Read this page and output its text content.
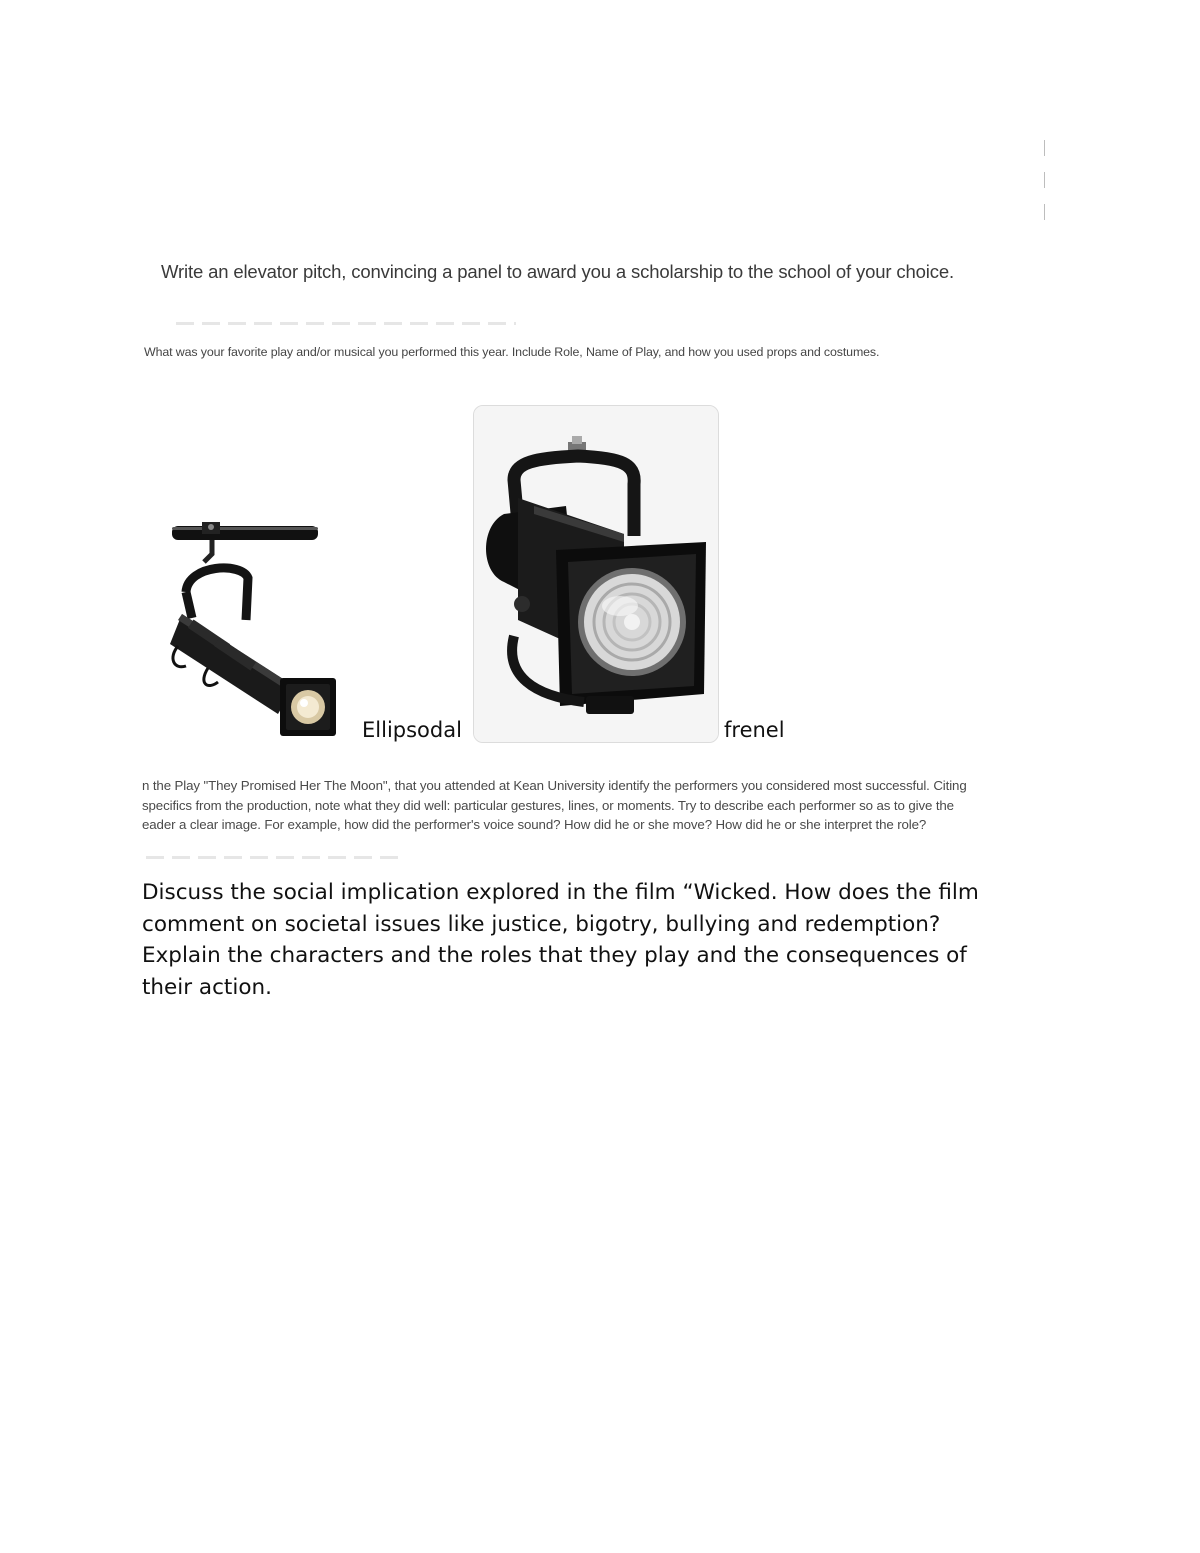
Write an elevator pitch, convincing a panel to award you a scholarship to the school of your choice.
What was your favorite play and/or musical you performed this year. Include Role, Name of Play, and how you used props and costumes.
Ellipsodal	frenel
n the Play "They Promised Her The Moon", that you attended at Kean University identify the performers you considered most successful. Citing
specifics from the production, note what they did well: particular gestures, lines, or moments. Try to describe each performer so as to give the
eader a clear image. For example, how did the performer's voice sound? How did he or she move? How did he or she interpret the role?
Discuss the social implication explored in the film “Wicked. How does the film
comment on societal issues like justice, bigotry, bullying and redemption?
Explain the characters and the roles that they play and the consequences of
their action.
